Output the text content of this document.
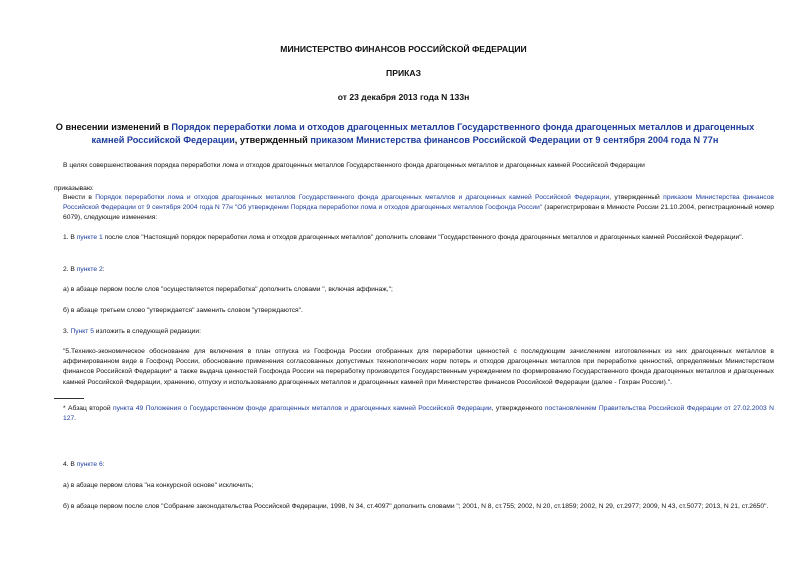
МИНИСТЕРСТВО ФИНАНСОВ РОССИЙСКОЙ ФЕДЕРАЦИИ
ПРИКАЗ
от 23 декабря 2013 года N 133н
О внесении изменений в Порядок переработки лома и отходов драгоценных металлов Государственного фонда драгоценных металлов и драгоценных камней Российской Федерации, утвержденный приказом Министерства финансов Российской Федерации от 9 сентября 2004 года N 77н
В целях совершенствования порядка переработки лома и отходов драгоценных металлов Государственного фонда драгоценных металлов и драгоценных камней Российской Федерации
приказываю:
Внести в Порядок переработки лома и отходов драгоценных металлов Государственного фонда драгоценных металлов и драгоценных камней Российской Федерации, утвержденный приказом Министерства финансов Российской Федерации от 9 сентября 2004 года N 77н "Об утверждении Порядка переработки лома и отходов драгоценных металлов Госфонда России" (зарегистрирован в Минюсте России 21.10.2004, регистрационный номер 6079), следующие изменения:
1. В пункте 1 после слов "Настоящий порядок переработки лома и отходов драгоценных металлов" дополнить словами "Государственного фонда драгоценных металлов и драгоценных камней Российской Федерации".
2. В пункте 2:
а) в абзаце первом после слов "осуществляется переработка" дополнить словами ", включая аффинаж,";
б) в абзаце третьем слово "утверждается" заменить словом "утверждаются".
3. Пункт 5 изложить в следующей редакции:
"5.Технико-экономическое обоснование для включения в план отпуска из Госфонда России отобранных для переработки ценностей с последующим зачислением изготовленных из них драгоценных металлов в аффинированном виде в Госфонд России, обоснование применения согласованных допустимых технологических норм потерь и отходов драгоценных металлов при переработке ценностей, определяемых Министерством финансов Российской Федерации* а также выдача ценностей Госфонда России на переработку производится Государственным учреждением по формированию Государственного фонда драгоценных металлов и драгоценных камней Российской Федерации, хранению, отпуску и использованию драгоценных металлов и драгоценных камней при Министерстве финансов Российской Федерации (далее - Гохран России).".
* Абзац второй пункта 49 Положения о Государственном фонде драгоценных металлов и драгоценных камней Российской Федерации, утвержденного постановлением Правительства Российской Федерации от 27.02.2003 N 127.
4. В пункте 6:
а) в абзаце первом слова "на конкурсной основе" исключить;
б) в абзаце первом после слов "Собрание законодательства Российской Федерации, 1998, N 34, ст.4097" дополнить словами "; 2001, N 8, ст.755; 2002, N 20, ст.1859; 2002, N 29, ст.2977; 2009, N 43, ст.5077; 2013, N 21, ст.2650".
